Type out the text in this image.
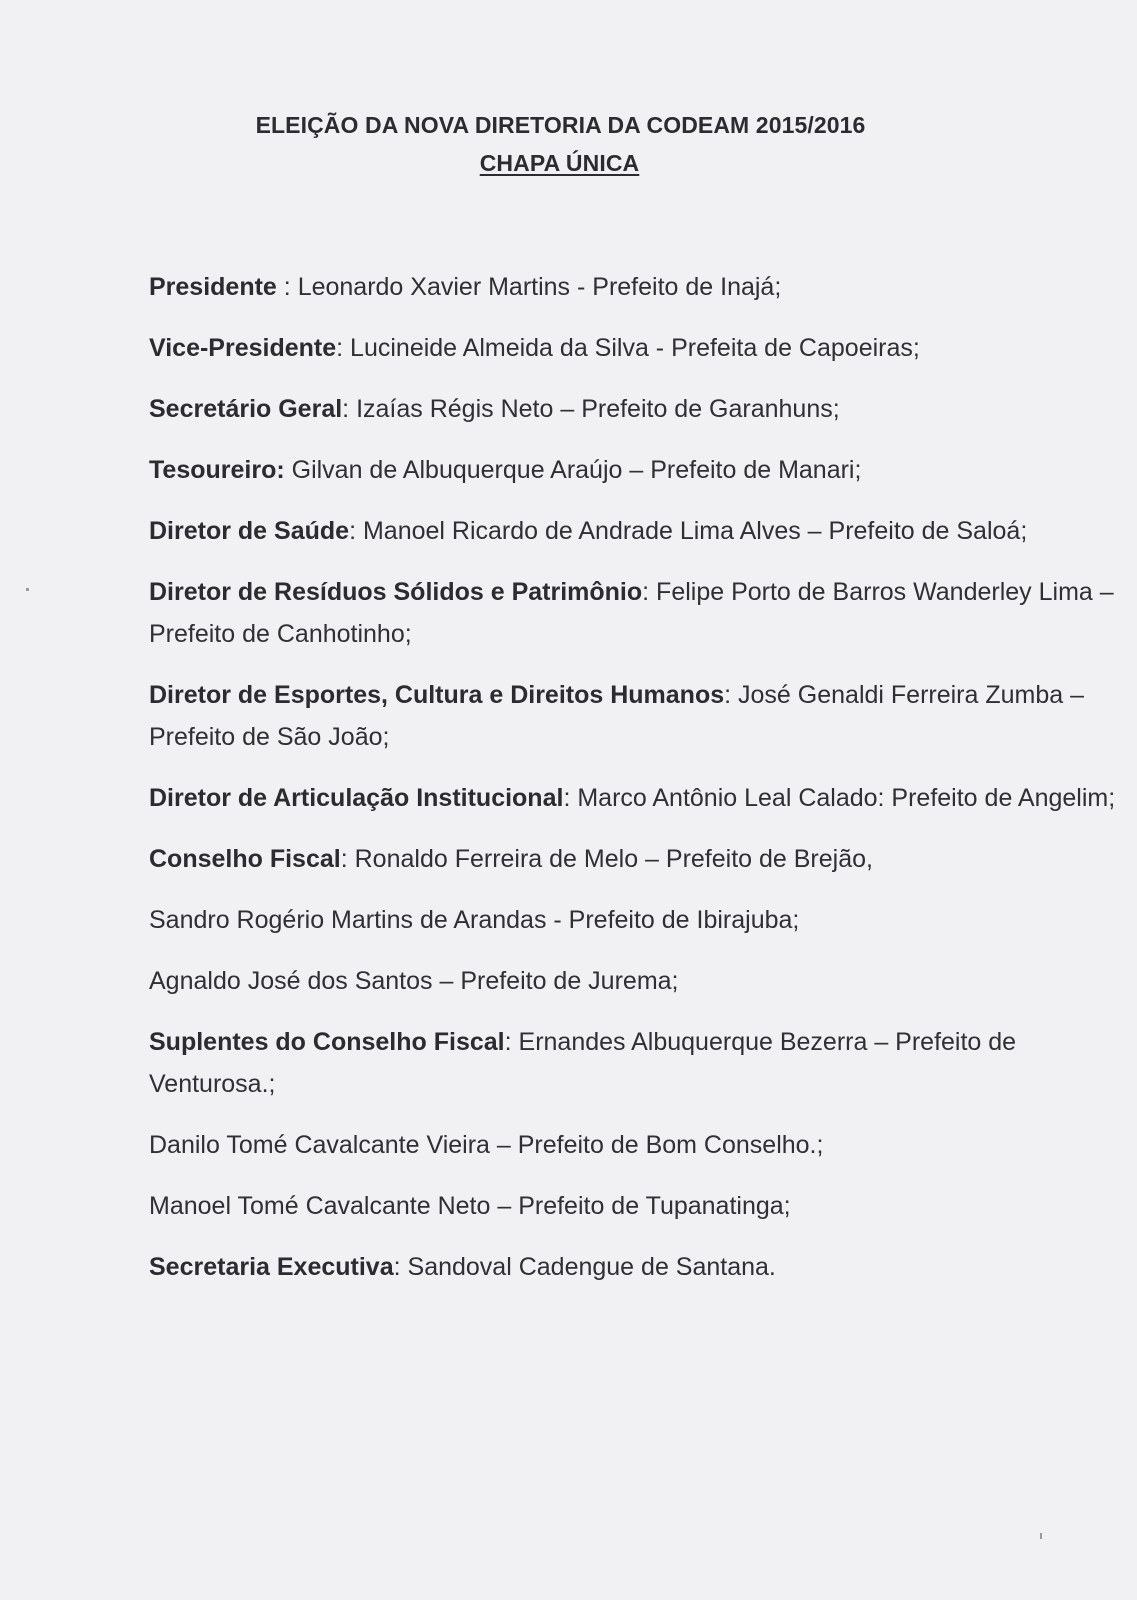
ELEIÇÃO DA NOVA DIRETORIA DA CODEAM 2015/2016
CHAPA ÚNICA
Presidente : Leonardo Xavier Martins - Prefeito de Inajá;
Vice-Presidente: Lucineide Almeida da Silva - Prefeita de Capoeiras;
Secretário Geral: Izaías Régis Neto – Prefeito de Garanhuns;
Tesoureiro: Gilvan de Albuquerque Araújo – Prefeito de Manari;
Diretor de Saúde: Manoel Ricardo de Andrade Lima Alves – Prefeito de Saloá;
Diretor de Resíduos Sólidos e Patrimônio: Felipe Porto de Barros Wanderley Lima – Prefeito de Canhotinho;
Diretor de Esportes, Cultura e Direitos Humanos: José Genaldi Ferreira Zumba – Prefeito de São João;
Diretor de Articulação Institucional: Marco Antônio Leal Calado: Prefeito de Angelim;
Conselho Fiscal: Ronaldo Ferreira de Melo – Prefeito de Brejão,
Sandro Rogério Martins de Arandas - Prefeito de Ibirajuba;
Agnaldo José dos Santos – Prefeito de Jurema;
Suplentes do Conselho Fiscal: Ernandes Albuquerque Bezerra – Prefeito de Venturosa.;
Danilo Tomé Cavalcante Vieira – Prefeito de Bom Conselho.;
Manoel Tomé Cavalcante Neto – Prefeito de Tupanatinga;
Secretaria Executiva: Sandoval Cadengue de Santana.
